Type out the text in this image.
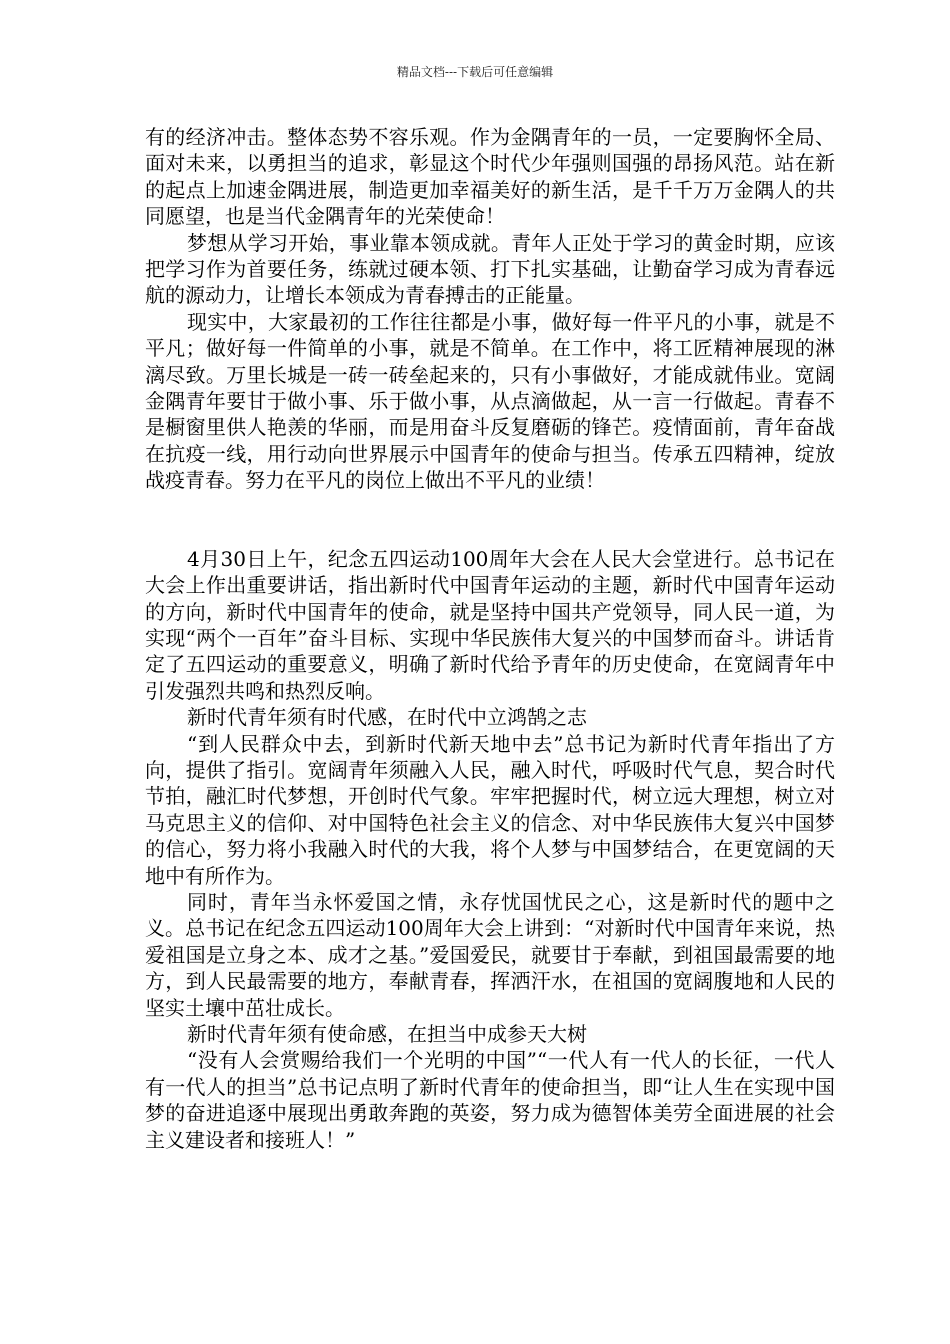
精品文档---下载后可任意编辑

有的经济冲击。整体态势不容乐观。作为金隅青年的一员，一定要胸怀全局、面对未来，以勇担当的追求，彰显这个时代少年强则国强的昂扬风范。站在新的起点上加速金隅进展，制造更加幸福美好的新生活，是千千万万金隅人的共同愿望，也是当代金隅青年的光荣使命！

梦想从学习开始，事业靠本领成就。青年人正处于学习的黄金时期，应该把学习作为首要任务，练就过硬本领、打下扎实基础，让勤奋学习成为青春远航的源动力，让增长本领成为青春搏击的正能量。

现实中，大家最初的工作往往都是小事，做好每一件平凡的小事，就是不平凡；做好每一件简单的小事，就是不简单。在工作中，将工匠精神展现的淋漓尽致。万里长城是一砖一砖垒起来的，只有小事做好，才能成就伟业。宽阔金隅青年要甘于做小事、乐于做小事，从点滴做起，从一言一行做起。青春不是橱窗里供人艳羡的华丽，而是用奋斗反复磨砺的锋芒。疫情面前，青年奋战在抗疫一线，用行动向世界展示中国青年的使命与担当。传承五四精神，绽放战疫青春。努力在平凡的岗位上做出不平凡的业绩！

4月30日上午，纪念五四运动100周年大会在人民大会堂进行。总书记在大会上作出重要讲话，指出新时代中国青年运动的主题，新时代中国青年运动的方向，新时代中国青年的使命，就是坚持中国共产党领导，同人民一道，为实现“两个一百年”奋斗目标、实现中华民族伟大复兴的中国梦而奋斗。讲话肯定了五四运动的重要意义，明确了新时代给予青年的历史使命，在宽阔青年中引发强烈共鸣和热烈反响。

新时代青年须有时代感，在时代中立鸿鹄之志

“到人民群众中去，到新时代新天地中去”总书记为新时代青年指出了方向，提供了指引。宽阔青年须融入人民，融入时代，呼吸时代气息，契合时代节拍，融汇时代梦想，开创时代气象。牢牢把握时代，树立远大理想，树立对马克思主义的信仰、对中国特色社会主义的信念、对中华民族伟大复兴中国梦的信心，努力将小我融入时代的大我，将个人梦与中国梦结合，在更宽阔的天地中有所作为。

同时，青年当永怀爱国之情，永存忧国忧民之心，这是新时代的题中之义。总书记在纪念五四运动100周年大会上讲到：“对新时代中国青年来说，热爱祖国是立身之本、成才之基。”爱国爱民，就要甘于奉献，到祖国最需要的地方，到人民最需要的地方，奉献青春，挥洒汗水，在祖国的宽阔腹地和人民的坚实土壤中茁壮成长。

新时代青年须有使命感，在担当中成参天大树

“没有人会赏赐给我们一个光明的中国”“一代人有一代人的长征，一代人有一代人的担当”总书记点明了新时代青年的使命担当，即“让人生在实现中国梦的奋进追逐中展现出勇敢奔跑的英姿，努力成为德智体美劳全面进展的社会主义建设者和接班人！”
